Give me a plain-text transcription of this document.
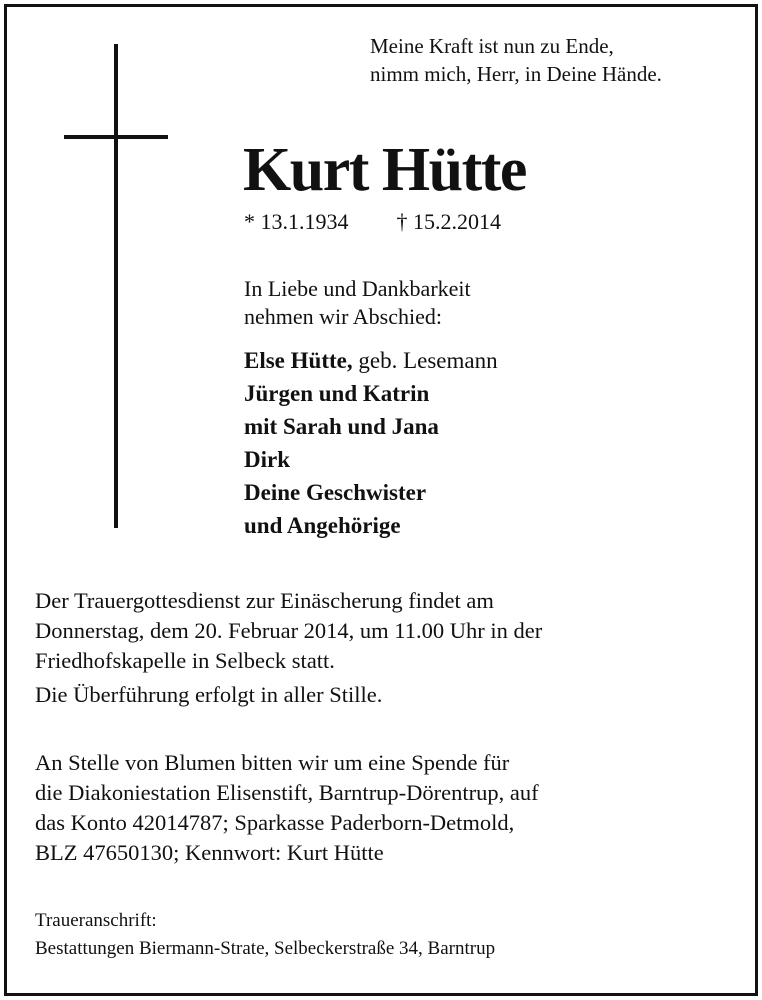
Meine Kraft ist nun zu Ende,
nimm mich, Herr, in Deine Hände.
Kurt Hütte
* 13.1.1934 † 15.2.2014
In Liebe und Dankbarkeit
nehmen wir Abschied:
Else Hütte, geb. Lesemann
Jürgen und Katrin
mit Sarah und Jana
Dirk
Deine Geschwister
und Angehörige
Der Trauergottesdienst zur Einäscherung findet am
Donnerstag, dem 20. Februar 2014, um 11.00 Uhr in der
Friedhofskapelle in Selbeck statt.
Die Überführung erfolgt in aller Stille.
An Stelle von Blumen bitten wir um eine Spende für
die Diakoniestation Elisenstift, Barntrup-Dörentrup, auf
das Konto 42014787; Sparkasse Paderborn-Detmold,
BLZ 47650130; Kennwort: Kurt Hütte
Traueranschrift:
Bestattungen Biermann-Strate, Selbeckerstraße 34, Barntrup
